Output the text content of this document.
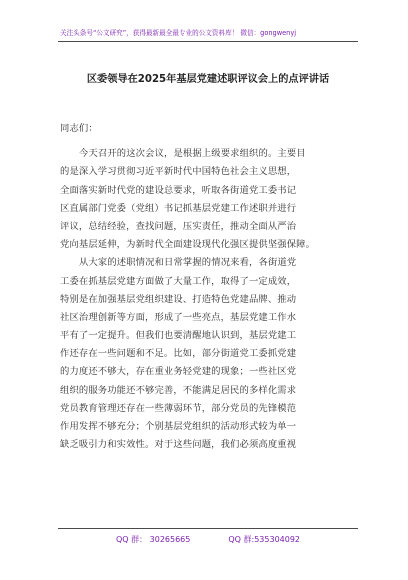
关注头条号“公文研究”，获得最新最全最专业的公文资料库！ 微信：gongwenyj
区委领导在2025年基层党建述职评议会上的点评讲话
同志们：
今天召开的这次会议，是根据上级要求组织的。主要目
的是深入学习贯彻习近平新时代中国特色社会主义思想，
全面落实新时代党的建设总要求，听取各街道党工委书记
区直属部门党委（党组）书记抓基层党建工作述职并进行
评议，总结经验，查找问题，压实责任，推动全面从严治
党向基层延伸，为新时代全面建设现代化强区提供坚强保障。
从大家的述职情况和日常掌握的情况来看，各街道党
工委在抓基层党建方面做了大量工作，取得了一定成效，
特别是在加强基层党组织建设、打造特色党建品牌、推动
社区治理创新等方面，形成了一些亮点，基层党建工作水
平有了一定提升。但我们也要清醒地认识到，基层党建工
作还存在一些问题和不足。比如，部分街道党工委抓党建
的力度还不够大，存在重业务轻党建的现象；一些社区党
组织的服务功能还不够完善，不能满足居民的多样化需求
党员教育管理还存在一些薄弱环节，部分党员的先锋模范
作用发挥不够充分；个别基层党组织的活动形式较为单一
缺乏吸引力和实效性。对于这些问题，我们必须高度重视
QQ 群： 30265665	QQ 群:535304092
